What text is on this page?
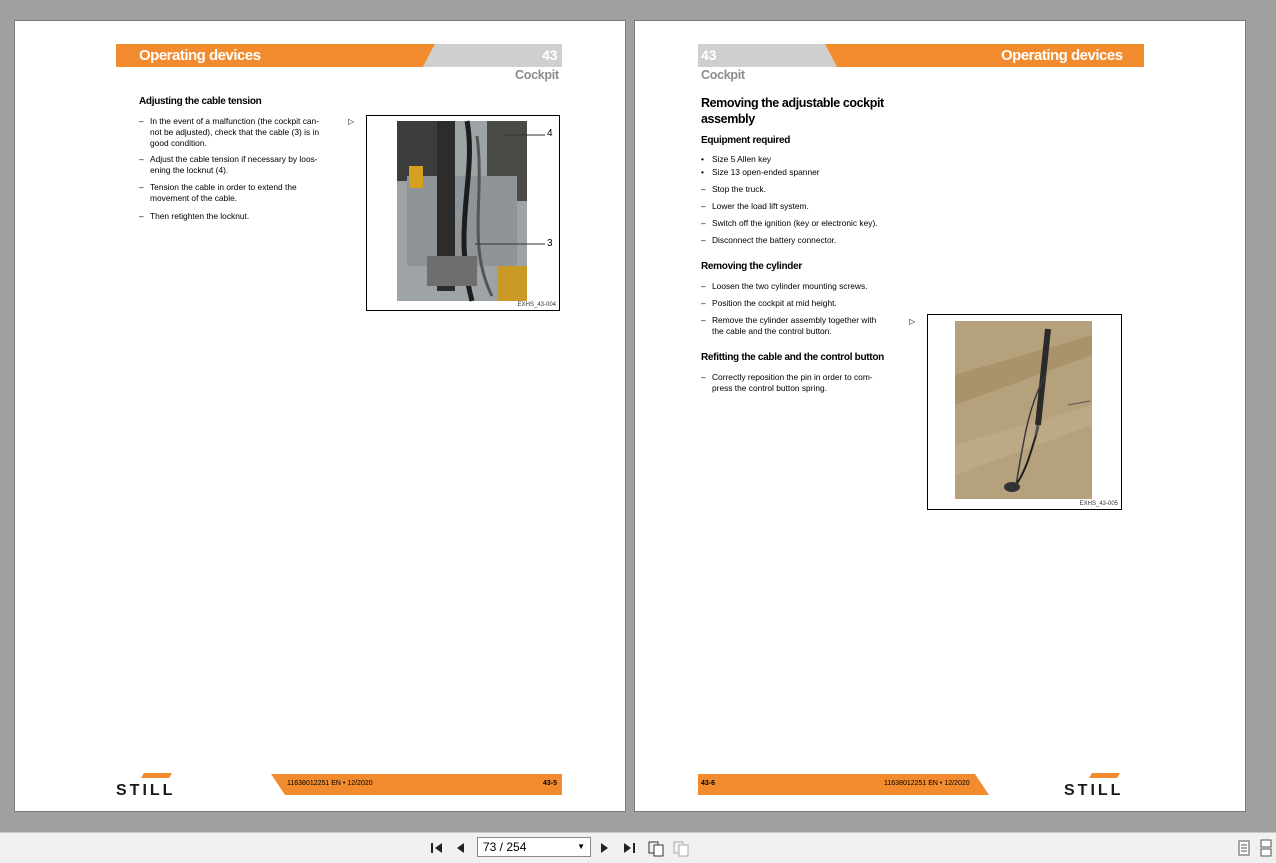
Operating devices	43
Cockpit
Adjusting the cable tension
– In the event of a malfunction (the cockpit can-
not be adjusted), check that the cable (3) is in
good condition.
– Adjust the cable tension if necessary by loos-
ening the locknut (4).
– Tension the cable in order to extend the
movement of the cable.
– Then retighten the locknut.
▷
4
3
EXHS_43-004
STILL	11638012251 EN • 12/2020	43-5
43	Operating devices
Cockpit
Removing the adjustable cockpit
assembly
Equipment required
• Size 5 Allen key
• Size 13 open-ended spanner
– Stop the truck.
– Lower the load lift system.
– Switch off the ignition (key or electronic key).
– Disconnect the battery connector.
Removing the cylinder
– Loosen the two cylinder mounting screws.
– Position the cockpit at mid height.
– Remove the cylinder assembly together with
the cable and the control button.
▷
Refitting the cable and the control button
– Correctly reposition the pin in order to com-
press the control button spring.
EXHS_43-005
43-6	11638012251 EN • 12/2020	STILL
73 / 254	▼
